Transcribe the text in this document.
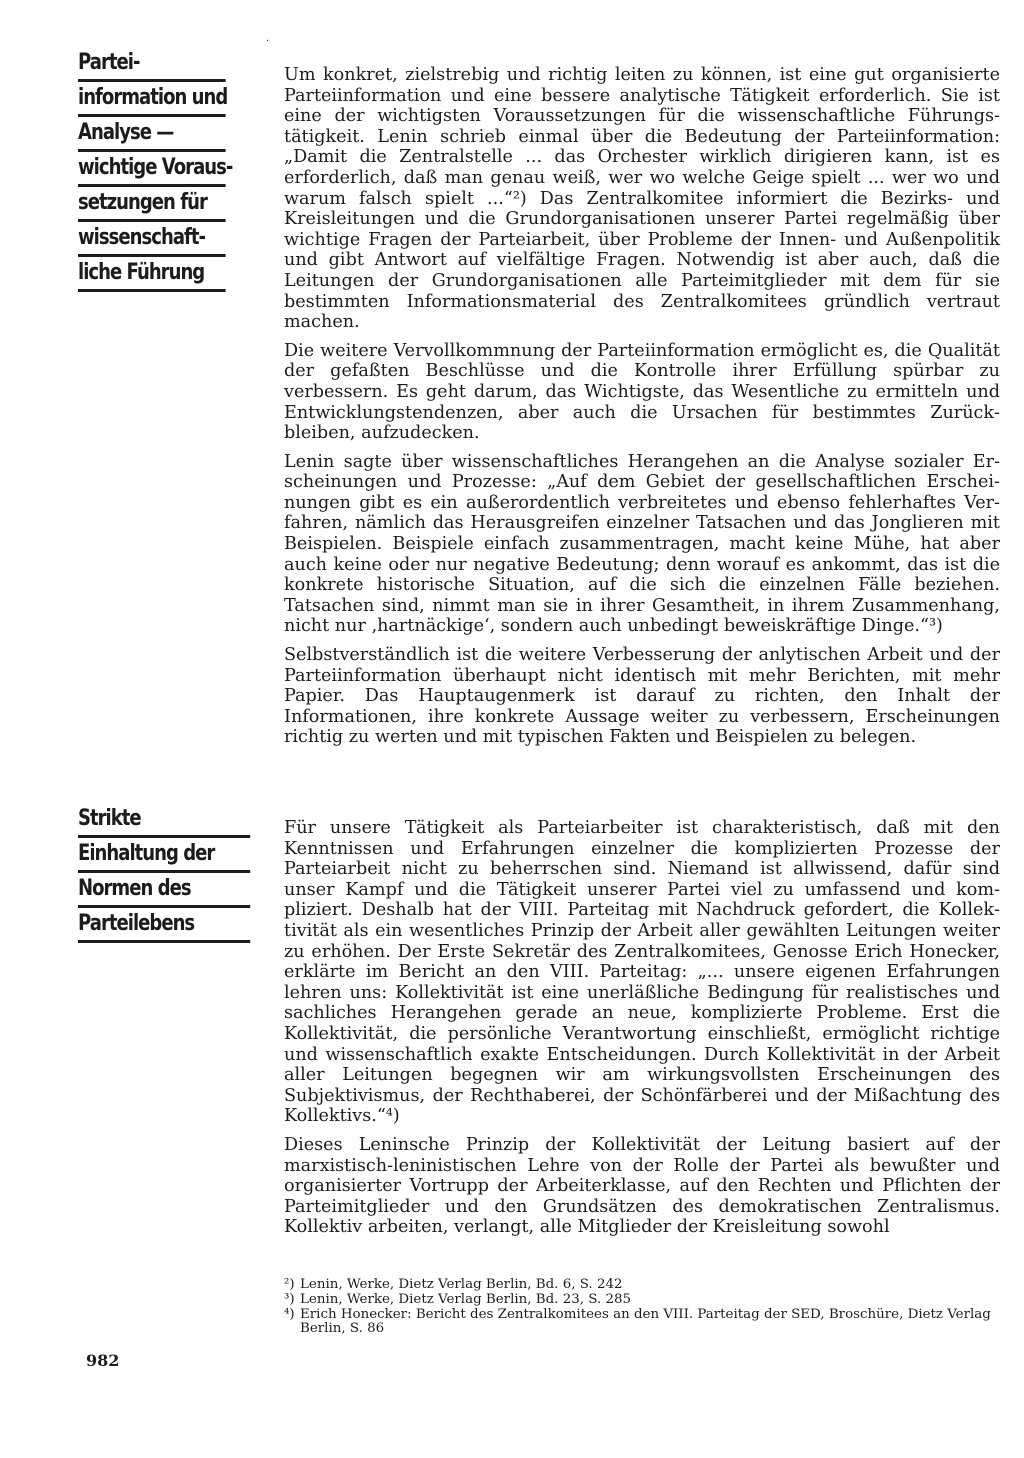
·
Partei-
information und
Analyse —
wichtige Voraus-
setzungen für
wissenschaft-
liche Führung
Strikte
Einhaltung der
Normen des
Parteilebens

Um konkret, zielstrebig und richtig leiten zu können, ist eine gut organisierte Parteiinformation und eine bessere analytische Tätigkeit erforderlich. Sie ist eine der wichtigsten Voraussetzungen für die wissenschaftliche Führungstätigkeit. Lenin schrieb einmal über die Bedeutung der Parteiinformation: „Damit die Zentralstelle ... das Orchester wirklich dirigieren kann, ist es erforderlich, daß man genau weiß, wer wo welche Geige spielt ... wer wo und warum falsch spielt ...“²) Das Zentralkomitee informiert die Bezirks- und Kreisleitungen und die Grundorganisationen unserer Partei regelmäßig über wichtige Fragen der Parteiarbeit, über Probleme der Innen- und Außenpolitik und gibt Antwort auf vielfältige Fragen. Notwendig ist aber auch, daß die Leitungen der Grundorganisationen alle Parteimitglieder mit dem für sie bestimmten Informationsmaterial des Zentralkomitees gründlich vertraut machen.

Die weitere Vervollkommnung der Parteiinformation ermöglicht es, die Qualität der gefaßten Beschlüsse und die Kontrolle ihrer Erfüllung spürbar zu verbessern. Es geht darum, das Wichtigste, das Wesentliche zu ermitteln und Entwicklungstendenzen, aber auch die Ursachen für bestimmtes Zurückbleiben, aufzudecken.

Lenin sagte über wissenschaftliches Herangehen an die Analyse sozialer Erscheinungen und Prozesse: „Auf dem Gebiet der gesellschaftlichen Erscheinungen gibt es ein außerordentlich verbreitetes und ebenso fehlerhaftes Verfahren, nämlich das Herausgreifen einzelner Tatsachen und das Jonglieren mit Beispielen. Beispiele einfach zusammentragen, macht keine Mühe, hat aber auch keine oder nur negative Bedeutung; denn worauf es ankommt, das ist die konkrete historische Situation, auf die sich die einzelnen Fälle beziehen. Tatsachen sind, nimmt man sie in ihrer Gesamtheit, in ihrem Zusammenhang, nicht nur ‚hartnäckige‘, sondern auch unbedingt beweiskräftige Dinge.“³)

Selbstverständlich ist die weitere Verbesserung der anlytischen Arbeit und der Parteiinformation überhaupt nicht identisch mit mehr Berichten, mit mehr Papier. Das Hauptaugenmerk ist darauf zu richten, den Inhalt der Informationen, ihre konkrete Aussage weiter zu verbessern, Erscheinungen richtig zu werten und mit typischen Fakten und Beispielen zu belegen.

Für unsere Tätigkeit als Parteiarbeiter ist charakteristisch, daß mit den Kenntnissen und Erfahrungen einzelner die komplizierten Prozesse der Parteiarbeit nicht zu beherrschen sind. Niemand ist allwissend, dafür sind unser Kampf und die Tätigkeit unserer Partei viel zu umfassend und kompliziert. Deshalb hat der VIII. Parteitag mit Nachdruck gefordert, die Kollektivität als ein wesentliches Prinzip der Arbeit aller gewählten Leitungen weiter zu erhöhen. Der Erste Sekretär des Zentralkomitees, Genosse Erich Honecker, erklärte im Bericht an den VIII. Parteitag: „... unsere eigenen Erfahrungen lehren uns: Kollektivität ist eine unerläßliche Bedingung für realistisches und sachliches Herangehen gerade an neue, komplizierte Probleme. Erst die Kollektivität, die persönliche Verantwortung einschließt, ermöglicht richtige und wissenschaftlich exakte Entscheidungen. Durch Kollektivität in der Arbeit aller Leitungen begegnen wir am wirkungsvollsten Erscheinungen des Subjektivismus, der Rechthaberei, der Schönfärberei und der Mißachtung des Kollektivs.“⁴)

Dieses Leninsche Prinzip der Kollektivität der Leitung basiert auf der marxistisch-leninistischen Lehre von der Rolle der Partei als bewußter und organisierter Vortrupp der Arbeiterklasse, auf den Rechten und Pflichten der Parteimitglieder und den Grundsätzen des demokratischen Zentralismus. Kollektiv arbeiten, verlangt, alle Mitglieder der Kreisleitung sowohl

²) Lenin, Werke, Dietz Verlag Berlin, Bd. 6, S. 242
³) Lenin, Werke, Dietz Verlag Berlin, Bd. 23, S. 285
⁴) Erich Honecker: Bericht des Zentralkomitees an den VIII. Parteitag der SED, Broschüre, Dietz Verlag Berlin, S. 86
982
